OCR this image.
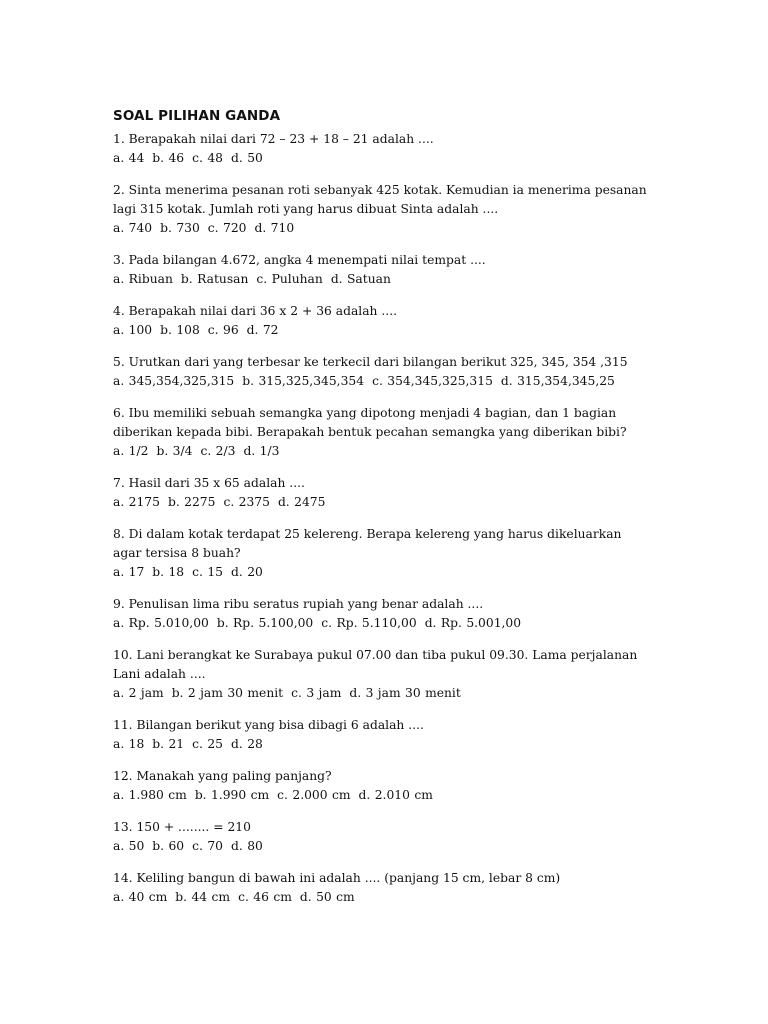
SOAL PILIHAN GANDA
1. Berapakah nilai dari 72 – 23 + 18 – 21 adalah ....
a. 44 b. 46 c. 48 d. 50
2. Sinta menerima pesanan roti sebanyak 425 kotak. Kemudian ia menerima pesanan lagi 315 kotak. Jumlah roti yang harus dibuat Sinta adalah ....
a. 740 b. 730 c. 720 d. 710
3. Pada bilangan 4.672, angka 4 menempati nilai tempat ....
a. Ribuan b. Ratusan c. Puluhan d. Satuan
4. Berapakah nilai dari 36 x 2 + 36 adalah ....
a. 100 b. 108 c. 96 d. 72
5. Urutkan dari yang terbesar ke terkecil dari bilangan berikut 325, 345, 354 ,315
a. 345,354,325,315 b. 315,325,345,354 c. 354,345,325,315 d. 315,354,345,25
6. Ibu memiliki sebuah semangka yang dipotong menjadi 4 bagian, dan 1 bagian diberikan kepada bibi. Berapakah bentuk pecahan semangka yang diberikan bibi?
a. 1/2 b. 3/4 c. 2/3 d. 1/3
7. Hasil dari 35 x 65 adalah ....
a. 2175 b. 2275 c. 2375 d. 2475
8. Di dalam kotak terdapat 25 kelereng. Berapa kelereng yang harus dikeluarkan agar tersisa 8 buah?
a. 17 b. 18 c. 15 d. 20
9. Penulisan lima ribu seratus rupiah yang benar adalah ....
a. Rp. 5.010,00 b. Rp. 5.100,00 c. Rp. 5.110,00 d. Rp. 5.001,00
10. Lani berangkat ke Surabaya pukul 07.00 dan tiba pukul 09.30. Lama perjalanan Lani adalah ....
a. 2 jam b. 2 jam 30 menit c. 3 jam d. 3 jam 30 menit
11. Bilangan berikut yang bisa dibagi 6 adalah ....
a. 18 b. 21 c. 25 d. 28
12. Manakah yang paling panjang?
a. 1.980 cm b. 1.990 cm c. 2.000 cm d. 2.010 cm
13. 150 + ........ = 210
a. 50 b. 60 c. 70 d. 80
14. Keliling bangun di bawah ini adalah .... (panjang 15 cm, lebar 8 cm)
a. 40 cm b. 44 cm c. 46 cm d. 50 cm
